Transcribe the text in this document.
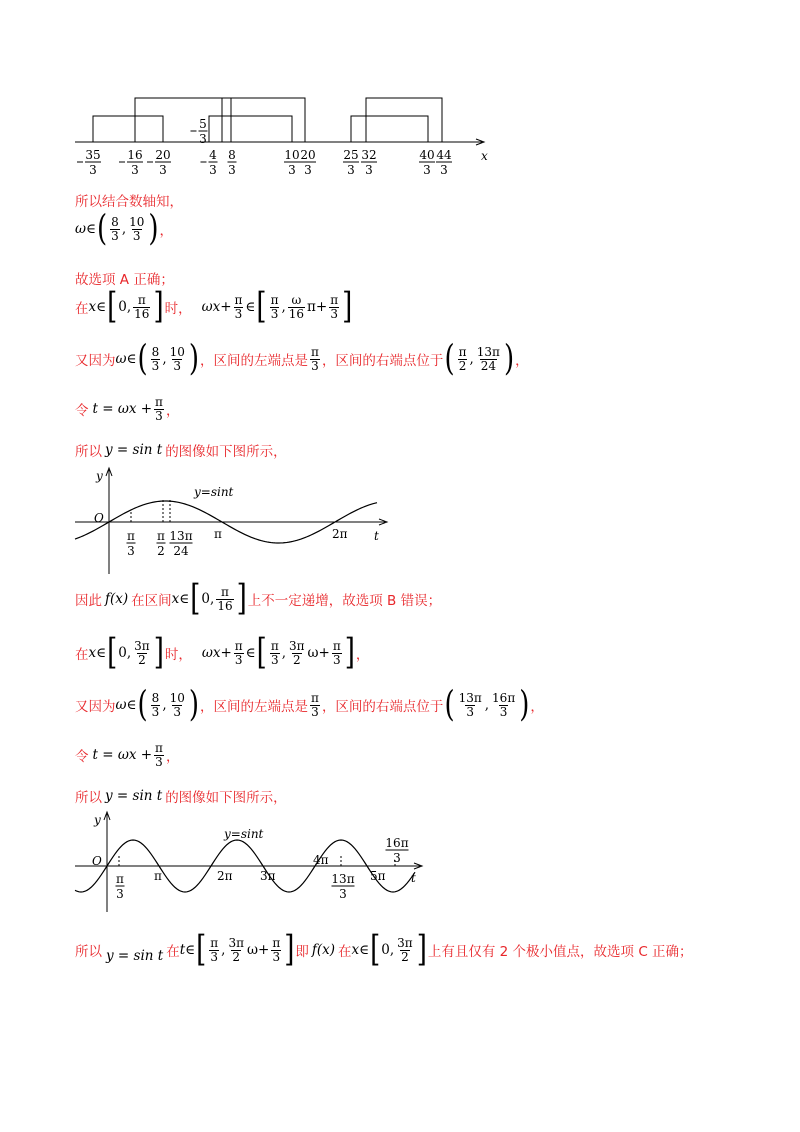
x
35
3
16
3
20
3
4
3
8
3
10
3
20
3
25
3
32
3
40
3
44
3
5
3
所以结合数轴知，
ω∈ ( $\frac{8}{3}$ , $\frac{10}{3}$ ) ，
故选项 A 正确；
在 x∈ [ 0, $\frac{\pi}{16}$ ] 时， $\omega x+ \frac{\pi}{3}$ ∈ [ $\frac{\pi}{3}$ , $\frac{\omega}{16} \pi+ \frac{\pi}{3}$ ]
又因为 ω∈ ( $\frac{8}{3}$ , $\frac{10}{3}$ ) ，区间的左端点是 $\frac{\pi}{3}$ ，区间的右端点位于 ( $\frac{\pi}{2}$ , $\frac{13\pi}{24}$ ) ，
令 $t = \omega x + \frac{\pi}{3}$ ，
所以 y = sin t 的图像如下图所示，
y
O
t
y=sint
π	2π
π
3
π
2
13π
24
因此 f(x) 在区间 x∈ [ 0, $\frac{\pi}{16}$ ] 上不一定递增，故选项 B 错误；
在 x∈ [ 0, $\frac{3\pi}{2}$ ] 时， $\omega x+ \frac{\pi}{3}$ ∈ [ $\frac{\pi}{3}$ , $\frac{3\pi}{2} \omega+ \frac{\pi}{3}$ ] ，
又因为 ω∈ ( $\frac{8}{3}$ , $\frac{10}{3}$ ) ，区间的左端点是 $\frac{\pi}{3}$ ，区间的右端点位于 ( $\frac{13\pi}{3}$ , $\frac{16\pi}{3}$ ) ，
令 $t = \omega x + \frac{\pi}{3}$ ，
所以 y = sin t 的图像如下图所示，
y
O
t
y=sint
π	2π 3π
4π
5π
π
3
13π
3
16π
3
所以 y = sin t 在 t∈ [ $\frac{\pi}{3}$ , $\frac{3\pi}{2} \omega+ \frac{\pi}{3}$ ] 即 f(x) 在 x∈ [ 0, $\frac{3\pi}{2}$ ] 上有且仅有 2 个极小值点，故选项 C 正确；
